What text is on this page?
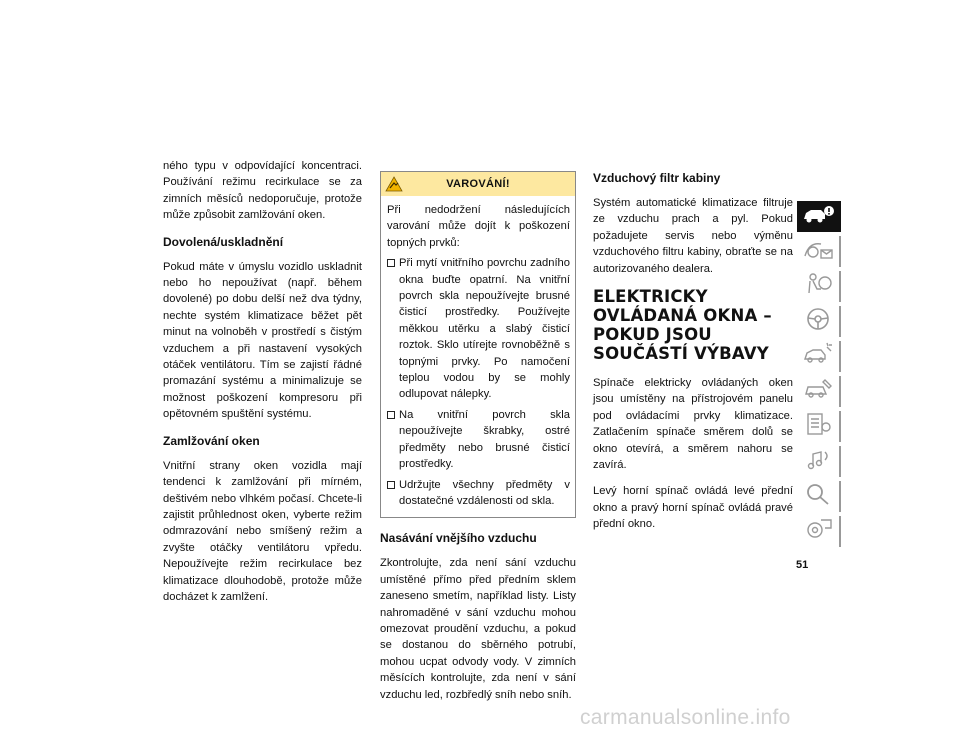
ného typu v odpovídající koncentraci. Používání režimu recirkulace se za zimních měsíců nedoporučuje, protože může způsobit zamlžování oken.

Dovolená/uskladnění

Pokud máte v úmyslu vozidlo uskladnit nebo ho nepoužívat (např. během dovolené) po dobu delší než dva týdny, nechte systém klimatizace běžet pět minut na volnoběh v prostředí s čistým vzduchem a při nastavení vysokých otáček ventilátoru. Tím se zajistí řádné promazání systému a minimalizuje se možnost poškození kompresoru při opětovném spuštění systému.

Zamlžování oken

Vnitřní strany oken vozidla mají tendenci k zamlžování při mírném, deštivém nebo vlhkém počasí. Chcete-li zajistit průhlednost oken, vyberte režim odmrazování nebo smíšený režim a zvyšte otáčky ventilátoru vpředu. Nepoužívejte režim recirkulace bez klimatizace dlouhodobě, protože může docházet k zamlžení.

VAROVÁNÍ!

Při nedodržení následujících varování může dojít k poškození topných prvků:

Při mytí vnitřního povrchu zadního okna buďte opatrní. Na vnitřní povrch skla nepoužívejte brusné čisticí prostředky. Používejte měkkou utěrku a slabý čisticí roztok. Sklo utírejte rovnoběžně s topnými prvky. Po namočení teplou vodou by se mohly odlupovat nálepky.
Na vnitřní povrch skla nepoužívejte škrabky, ostré předměty nebo brusné čisticí prostředky.
Udržujte všechny předměty v dostatečné vzdálenosti od skla.
Nasávání vnějšího vzduchu

Zkontrolujte, zda není sání vzduchu umístěné přímo před předním sklem zaneseno smetím, například listy. Listy nahromaděné v sání vzduchu mohou omezovat proudění vzduchu, a pokud se dostanou do sběrného potrubí, mohou ucpat odvody vody. V zimních měsících kontrolujte, zda není v sání vzduchu led, rozbředlý sníh nebo sníh.

Vzduchový filtr kabiny

Systém automatické klimatizace filtruje ze vzduchu prach a pyl. Pokud požadujete servis nebo výměnu vzduchového filtru kabiny, obraťte se na autorizovaného dealera.

ELEKTRICKY OVLÁDANÁ OKNA – POKUD JSOU SOUČÁSTÍ VÝBAVY

Spínače elektricky ovládaných oken jsou umístěny na přístrojovém panelu pod ovládacími prvky klimatizace. Zatlačením spínače směrem dolů se okno otevírá, a směrem nahoru se zavírá.

Levý horní spínač ovládá levé přední okno a pravý horní spínač ovládá pravé přední okno.

51
carmanualsonline.info
